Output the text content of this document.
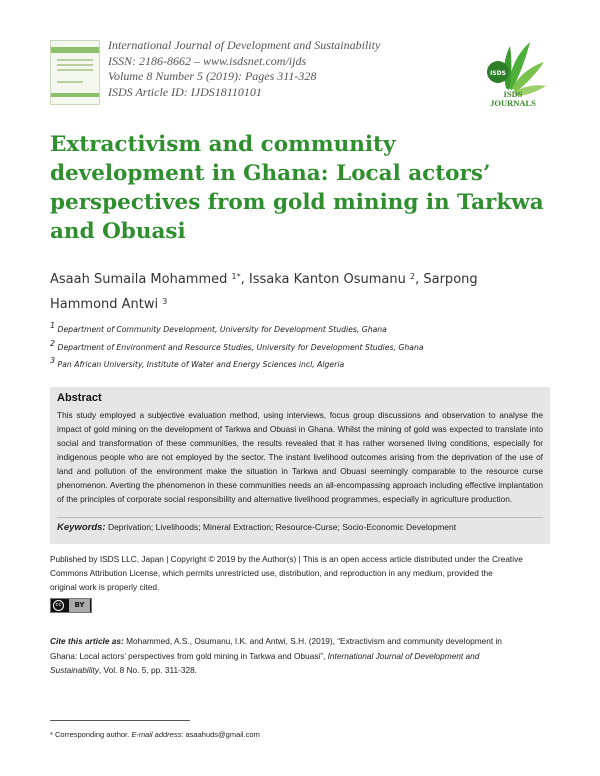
International Journal of Development and Sustainability
ISSN: 2186-8662 – www.isdsnet.com/ijds
Volume 8 Number 5 (2019): Pages 311-328
ISDS Article ID: IJDS18110101
ISDS
ISDS
JOURNALS
Extractivism and community
development in Ghana: Local actors’
perspectives from gold mining in Tarkwa
and Obuasi
Asaah Sumaila Mohammed $^{1*}$, Issaka Kanton Osumanu $^2$, Sarpong
Hammond Antwi $^3$
$^1$ Department of Community Development, University for Development Studies, Ghana
$^2$ Department of Environment and Resource Studies, University for Development Studies, Ghana
$^3$ Pan African University, Institute of Water and Energy Sciences incl, Algeria
Abstract
This study employed a subjective evaluation method, using interviews, focus group discussions and observation to analyse the impact of gold mining on the development of Tarkwa and Obuasi in Ghana. Whilst the mining of gold was expected to translate into social and transformation of these communities, the results revealed that it has rather worsened living conditions, especially for indigenous people who are not employed by the sector. The instant livelihood outcomes arising from the deprivation of the use of land and pollution of the environment make the situation in Tarkwa and Obuasi seemingly comparable to the resource curse phenomenon. Averting the phenomenon in these communities needs an all-encompassing approach including effective implantation of the principles of corporate social responsibility and alternative livelihood programmes, especially in agriculture production.
Keywords: Deprivation; Livelihoods; Mineral Extraction; Resource-Curse; Socio-Economic Development
Published by ISDS LLC, Japan | Copyright © 2019 by the Author(s) | This is an open access article distributed under the Creative
Commons Attribution License, which permits unrestricted use, distribution, and reproduction in any medium, provided the
original work is properly cited.
cc	BY
Cite this article as: Mohammed, A.S., Osumanu, I.K. and Antwi, S.H. (2019), “Extractivism and community development in
Ghana: Local actors’ perspectives from gold mining in Tarkwa and Obuasi”, International Journal of Development and
Sustainability, Vol. 8 No. 5, pp. 311-328.
* Corresponding author. E-mail address: asaahuds@gmail.com
